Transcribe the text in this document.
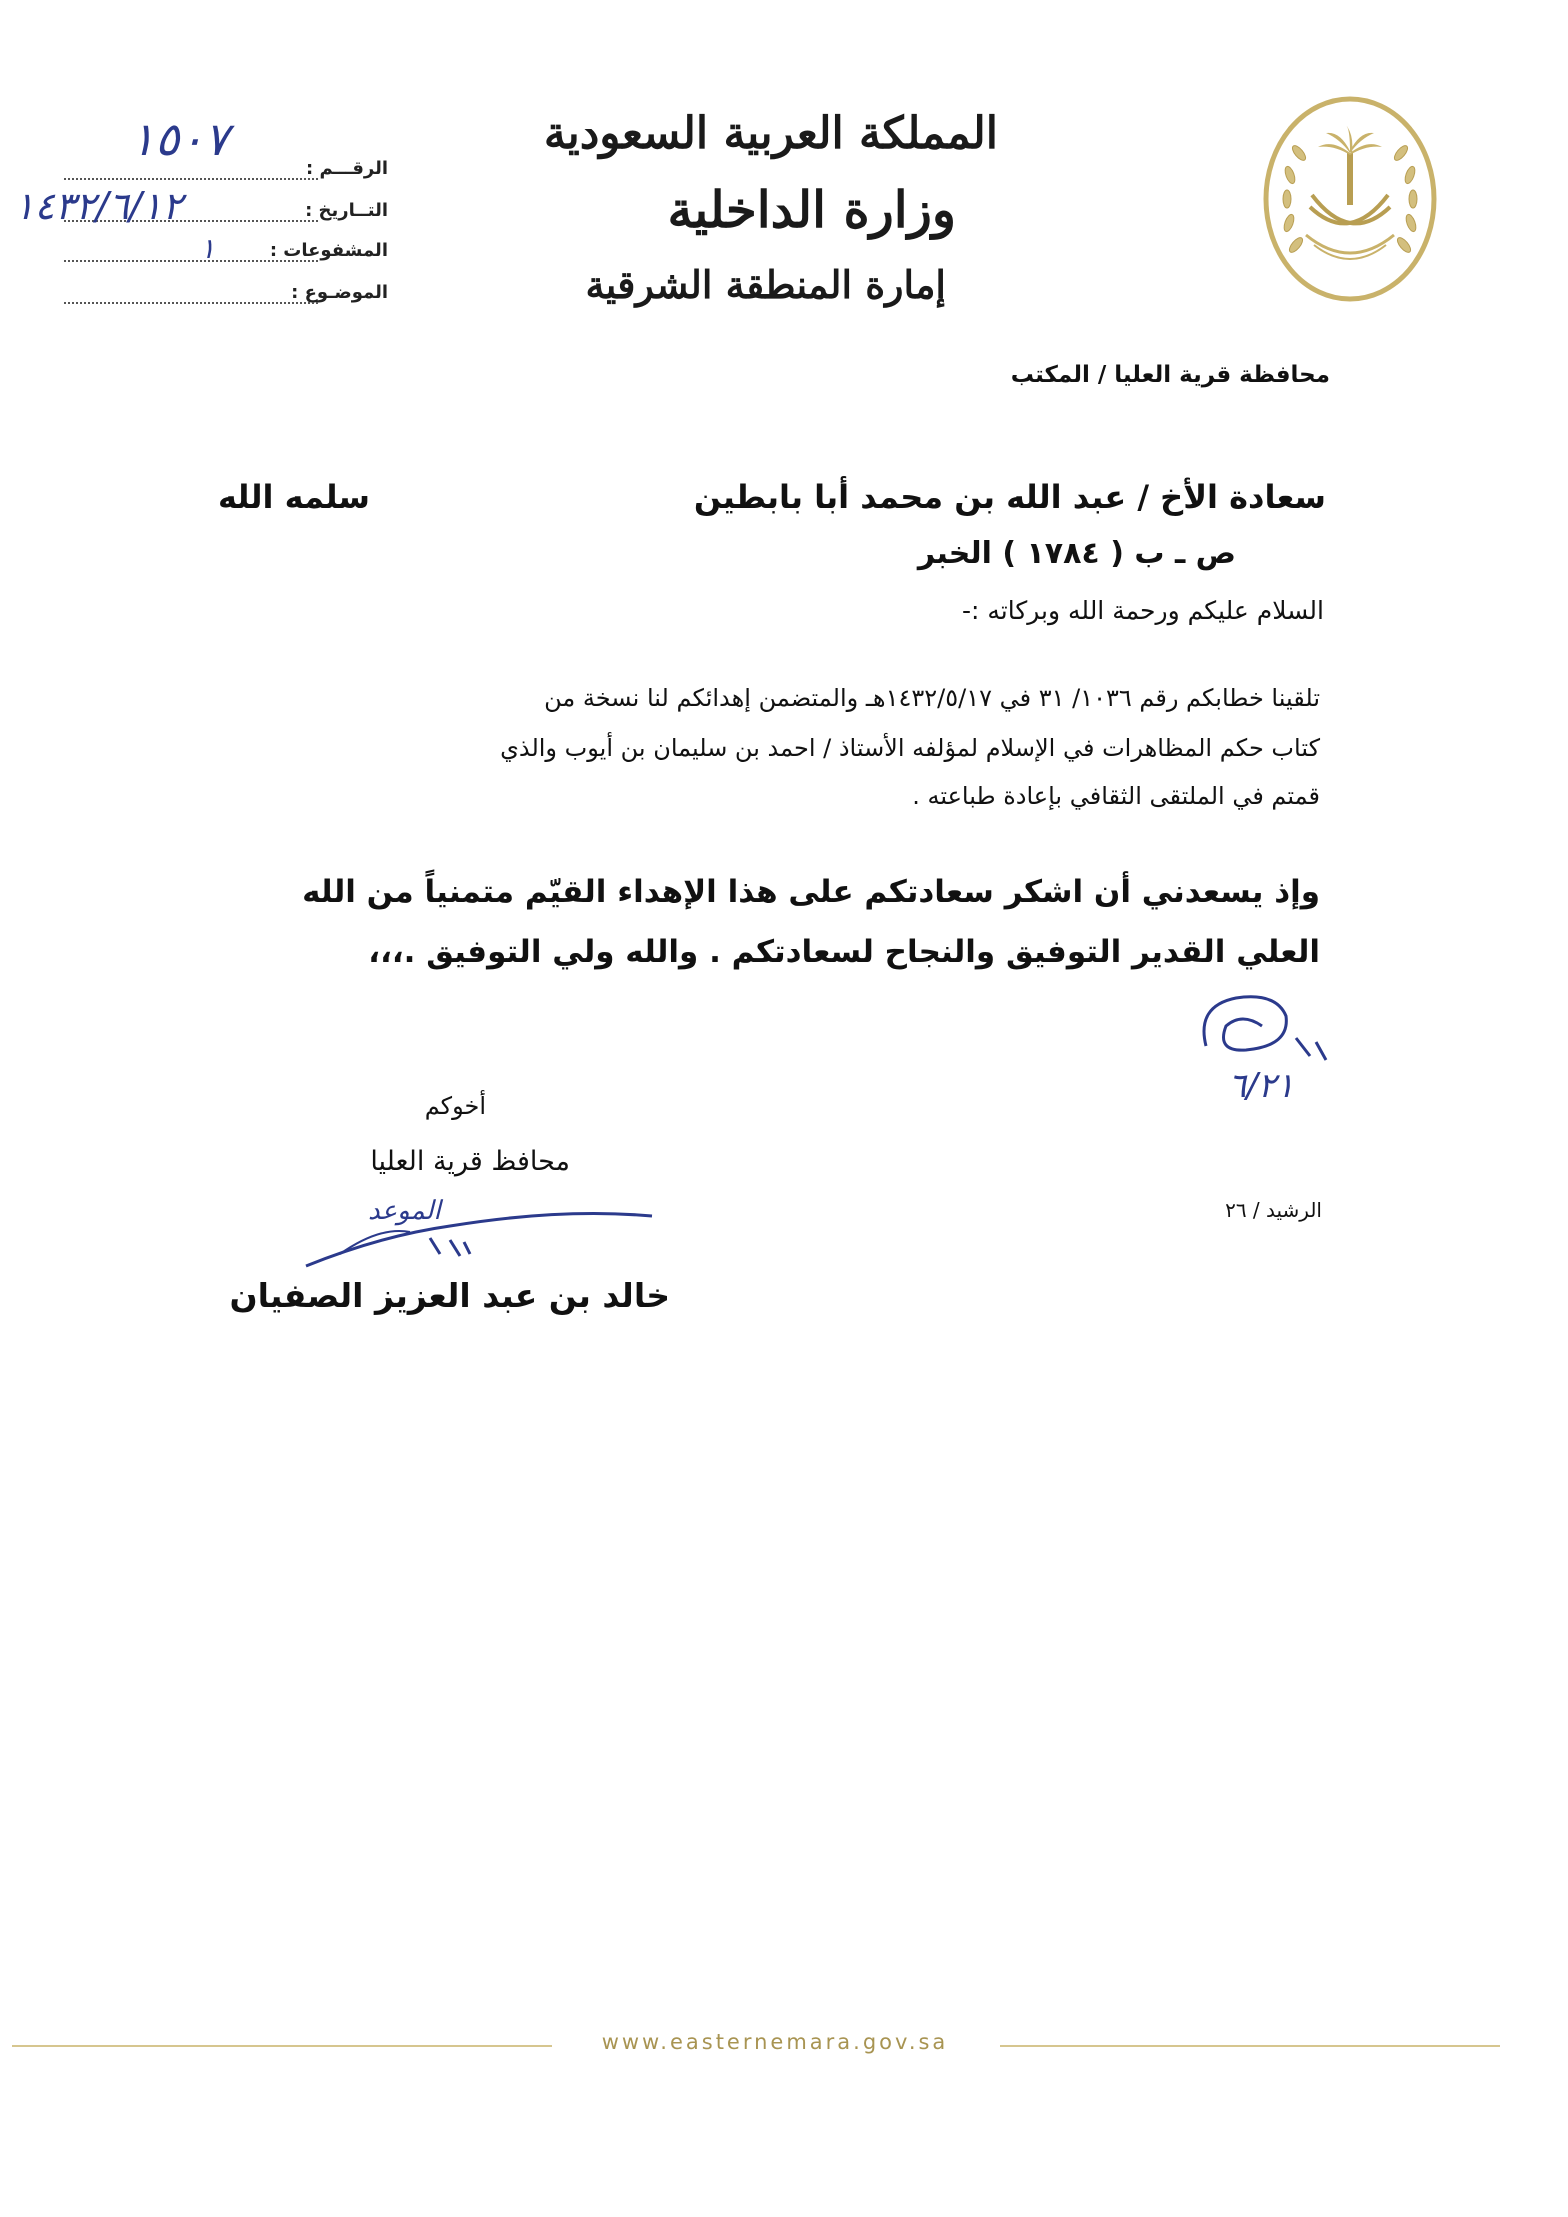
المملكة العربية السعودية
وزارة الداخلية
إمارة المنطقة الشرقية
الرقـــم :
١٥٠٧
التــاريخ :
١٤٣٢/٦/١٢
المشفوعات :
١
الموضـوع :
محافظة قرية العليا / المكتب
سعادة الأخ / عبد الله بن محمد أبا بابطين
سلمه الله
ص ـ ب ( ١٧٨٤ ) الخبر
السلام عليكم ورحمة الله وبركاته :-
تلقينا خطابكم رقم ١٠٣٦/ ٣١ في ١٤٣٢/٥/١٧هـ والمتضمن إهدائكم لنا نسخة من
كتاب حكم المظاهرات في الإسلام لمؤلفه الأستاذ / احمد بن سليمان بن أيوب والذي
قمتم في الملتقى الثقافي بإعادة طباعته .
وإذ يسعدني أن اشكر سعادتكم على هذا الإهداء القيّم متمنياً من الله
العلي القدير التوفيق والنجاح لسعادتكم . والله ولي التوفيق .،،،
٦/٢١
الرشيد / ٢٦
أخوكم
محافظ قرية العليا
الموعد
خالد بن عبد العزيز الصفيان
www.easternemara.gov.sa
